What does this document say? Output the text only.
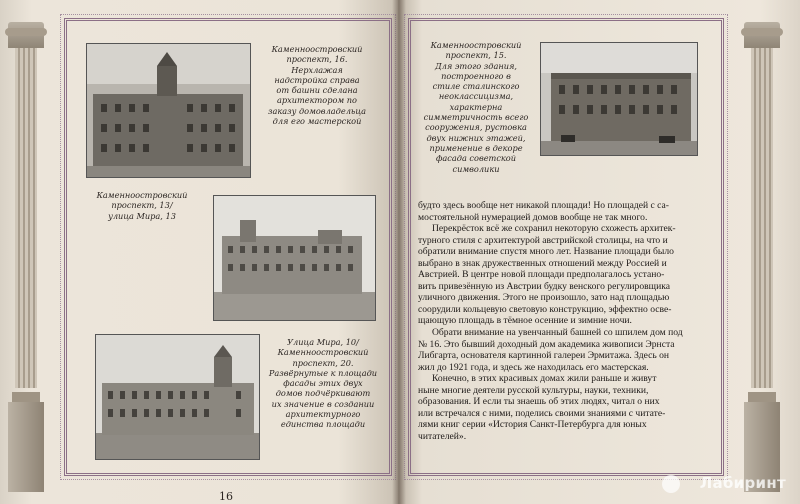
Каменноостровский

проспект, 16.

Нерхлажая

надстройка справа

от башни сделана

архитектором по

заказу домовладельца

для его мастерской

Каменноостровский

проспект, 13/

улица Мира, 13

Улица Мира, 10/

Каменноостровский

проспект, 20.

Развёрнутые к площади

фасады этих двух

домов подчёркивают

их значение в создании

архитектурного

единства площади

16

Каменноостровский

проспект, 15.

Для этого здания,

построенного в

стиле сталинского

неоклассицизма,

характерна

симметричность всего

сооружения, рустовка

двух нижних этажей,

применение в декоре

фасада советской

символики

будто здесь вообще нет никакой площади! Но площадей с са-

мостоятельной нумерацией домов вообще не так много.

Перекрёсток всё же сохранил некоторую схожесть архитек-

турного стиля с архитектурой австрийской столицы, на что и

обратили внимание спустя много лет. Название площади было

выбрано в знак дружественных отношений между Россией и

Австрией. В центре новой площади предполагалось устано-

вить привезённую из Австрии будку венского регулировщика

уличного движения. Этого не произошло, зато над площадью

соорудили кольцевую световую конструкцию, эффектно осве-

щающую площадь в тёмное осенние и зимние ночи.

Обрати внимание на увенчанный башней со шпилем дом под

№ 16. Это бывший доходный дом академика живописи Эрнста

Либгарта, основателя картинной галереи Эрмитажа. Здесь он

жил до 1921 года, и здесь же находилась его мастерская.

Конечно, в этих красивых домах жили раньше и живут

ныне многие деятели русской культуры, науки, техники,

образования. И если ты знаешь об этих людях, читал о них

или встречался с ними, поделись своими знаниями с читате-

лями книг серии «История Санкт-Петербурга для юных

читателей».

Лабиринт
